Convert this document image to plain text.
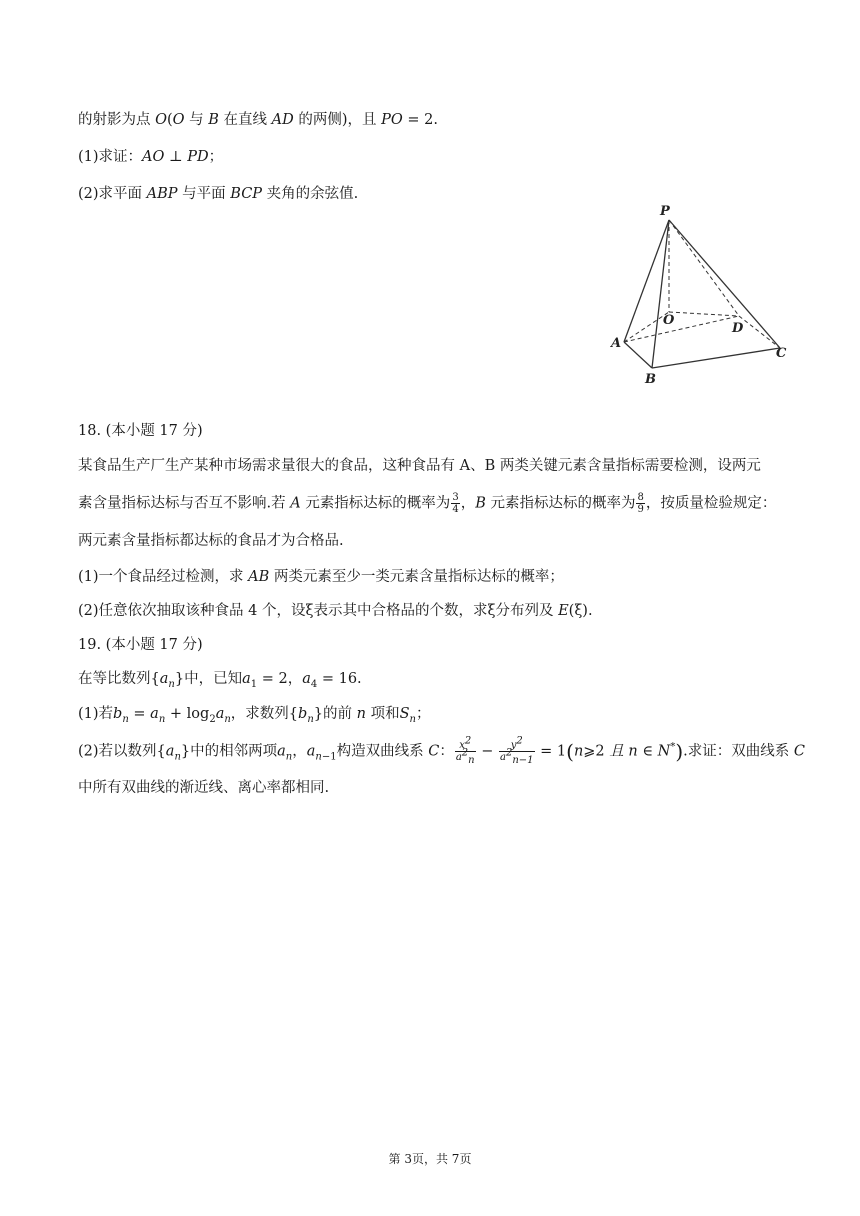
的射影为点 O(O 与 B 在直线 AD 的两侧)，且 PO = 2.
(1)求证：AO ⊥ PD；
(2)求平面 ABP 与平面 BCP 夹角的余弦值.
P
O
D
A
C
B
18. (本小题 17 分)
某食品生产厂生产某种市场需求量很大的食品，这种食品有 A、B 两类关键元素含量指标需要检测，设两元
素含量指标达标与否互不影响.若 A 元素指标达标的概率为 $\frac{3}{4}$ ，B 元素指标达标的概率为 $\frac{8}{9}$ ，按质量检验规定：
两元素含量指标都达标的食品才为合格品.
(1)一个食品经过检测，求 AB 两类元素至少一类元素含量指标达标的概率；
(2)任意依次抽取该种食品 4 个，设ξ表示其中合格品的个数，求ξ分布列及 E(ξ).
19. (本小题 17 分)
在等比数列$\{a_n\}$中，已知$a_1 = 2$，$a_4 = 16$.
(1)若$b_n = a_n + \log_2a_n$，求数列$\{b_n\}$的前 n 项和$S_n$；
(2)若以数列$\{a_n\}$中的相邻两项$a_n$，$a_{n-1}$构造双曲线系 C： $\frac{x^2}{a^2_n} - \frac{y^2}{a^2_{n-1}}$ = 1(n⩾2 且 n ∈ N*).求证：双曲线系 C
中所有双曲线的渐近线、离心率都相同.
第 3页，共 7页
